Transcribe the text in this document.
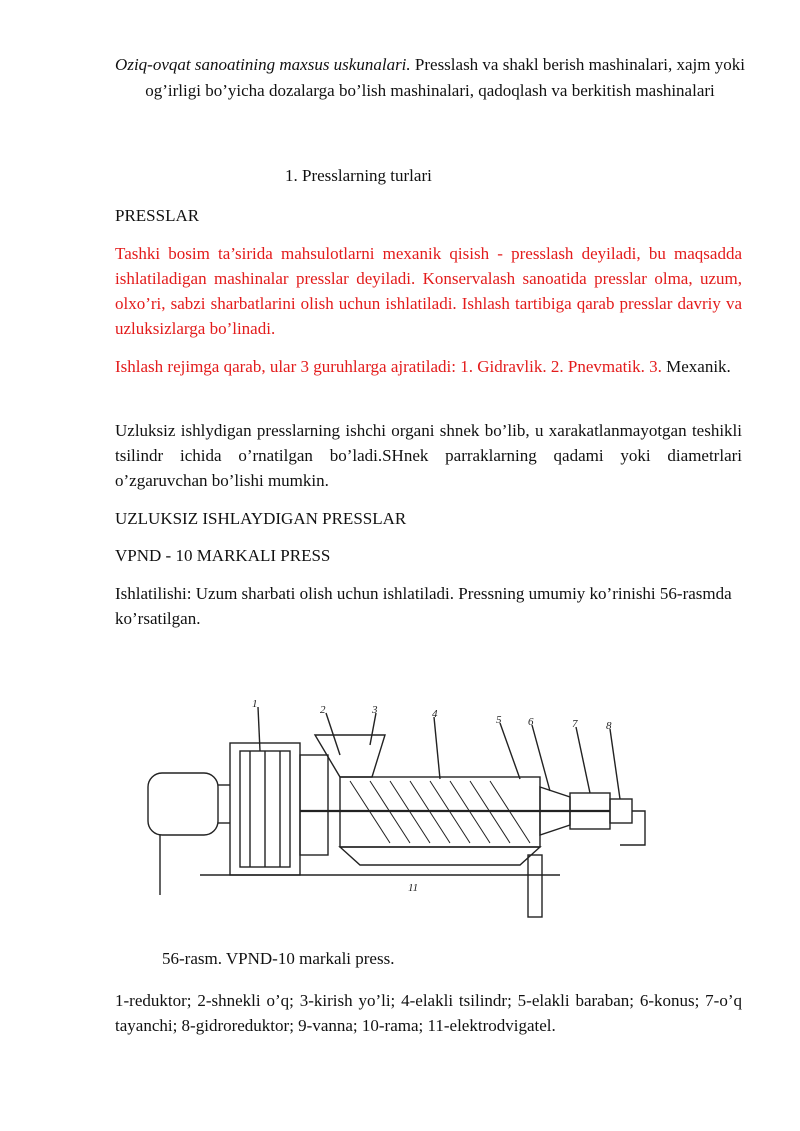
Oziq-ovqat sanoatining maxsus uskunalari. Presslash va shakl berish mashinalari, xajm yoki og’irligi bo’yicha dozalarga bo’lish mashinalari, qadoqlash va berkitish mashinalari

1. Presslarning turlari

PRESSLAR

Tashki bosim ta’sirida mahsulotlarni mexanik qisish - presslash deyiladi, bu maqsadda ishlatiladigan mashinalar presslar deyiladi. Konservalash sanoatida presslar olma, uzum, olxo’ri, sabzi sharbatlarini olish uchun ishlatiladi. Ishlash tartibiga qarab presslar davriy va uzluksizlarga bo’linadi.

Ishlash rejimga qarab, ular 3 guruhlarga ajratiladi: 1. Gidravlik. 2. Pnevmatik. 3. Mexanik.

Uzluksiz ishlydigan presslarning ishchi organi shnek bo’lib, u xarakatlanmayotgan teshikli tsilindr ichida o’rnatilgan bo’ladi.SHnek parraklarning qadami yoki diametrlari o’zgaruvchan bo’lishi mumkin.

UZLUKSIZ ISHLAYDIGAN PRESSLAR

VPND - 10 MARKALI PRESS

Ishlatilishi: Uzum sharbati olish uchun ishlatiladi. Pressning umumiy ko’rinishi 56-rasmda ko’rsatilgan.

1	2	3	4	5 6	7	8
11
56-rasm. VPND-10 markali press.

1-reduktor; 2-shnekli o’q; 3-kirish yo’li; 4-elakli tsilindr; 5-elakli baraban; 6-konus; 7-o’q tayanchi; 8-gidroreduktor; 9-vanna; 10-rama; 11-elektrodvigatel.
